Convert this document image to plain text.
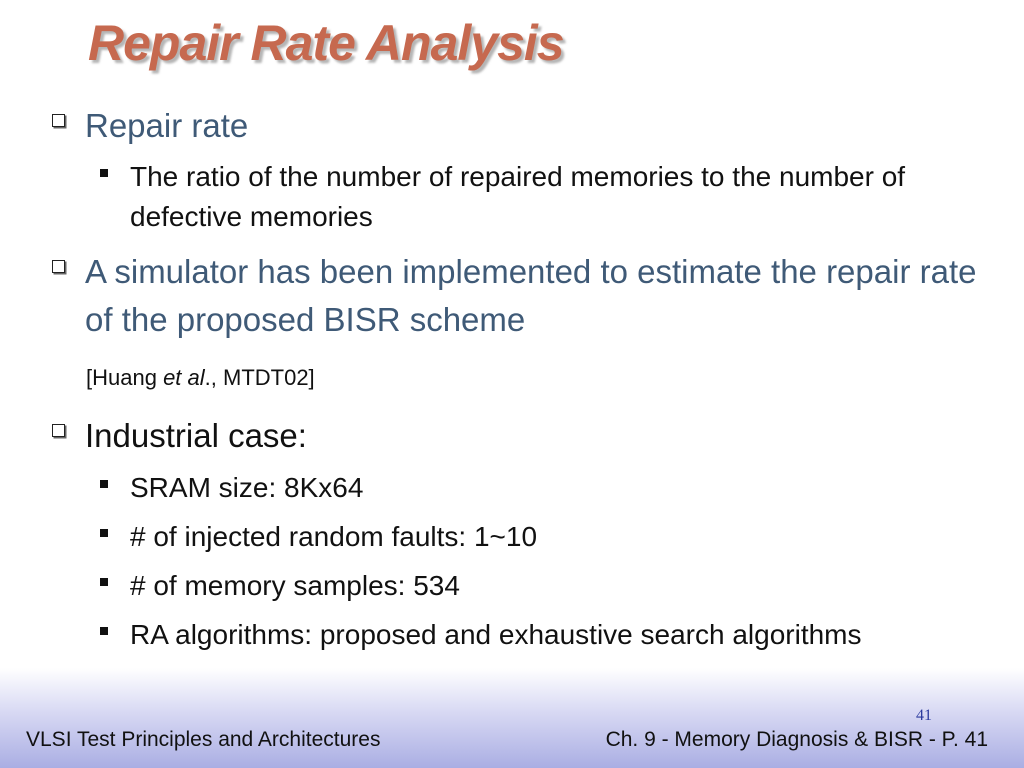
Repair Rate Analysis
Repair rate
The ratio of the number of repaired memories to the number of defective memories
A simulator has been implemented to estimate the repair rate of the proposed BISR scheme
[Huang et al., MTDT02]
Industrial case:
SRAM size: 8Kx64
# of injected random faults: 1~10
# of memory samples: 534
RA algorithms: proposed and exhaustive search algorithms
41
VLSI Test Principles and Architectures	Ch. 9 - Memory Diagnosis & BISR - P. 41
